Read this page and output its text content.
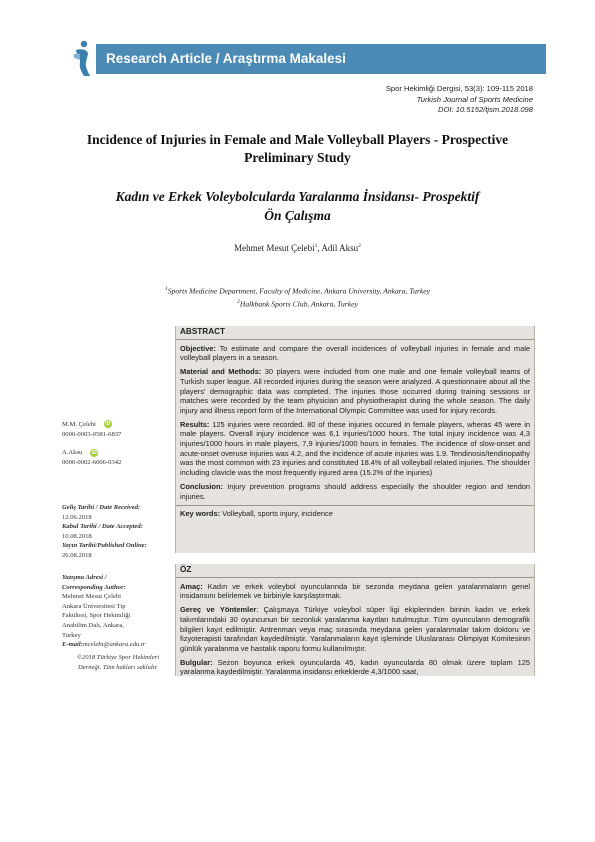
Research Article / Araştırma Makalesi
Spor Hekimliği Dergisi, 53(3): 109-115 2018
Turkish Journal of Sports Medicine
DOI: 10.5152/tjsm.2018.098
Incidence of Injuries in Female and Male Volleyball Players - Prospective
Preliminary Study
Kadın ve Erkek Voleybolcularda Yaralanma İnsidansı- Prospektif
Ön Çalışma
Mehmet Mesut Çelebi$^1$, Adil Aksu$^2$
$^1$Sports Medicine Department, Faculty of Medicine, Ankara University, Ankara, Turkey
$^2$Halkbank Sports Club, Ankara, Turkey
M.M. Çelebi iD
0000-0003-0581-6837
A.Aksu iD
0000-0002-6006-0342
Geliş Tarihi / Date Received:
12.06.2018
Kabul Tarihi / Date Accepted:
10.08.2018
Yayın Tarihi/Published Online:
26.08.2018
Yazışma Adresi /
Corresponding Author:
Mehmet Mesut Çelebi
Ankara Üniversitesi Tıp
Fakültesi, Spor Hekimliği
Anabilim Dalı, Ankara,
Turkey
E-mail:mcelebi@ankara.edu.tr
©2018 Türkiye Spor Hekimleri
Derneği. Tüm hakları saklıdır.
ABSTRACT

Objective: To estimate and compare the overall incidences of volleyball injuries in female and male volleyball players in a season.

Material and Methods: 30 players were included from one male and one female volleyball teams of Turkish super league. All recorded injuries during the season were analyzed. A questionnaire about all the players' demographic data was completed. The injuries those occurred during training sessions or matches were recorded by the team physician and physiotherapist during the whole season. The daily injury and illness report form of the International Olympic Committee was used for injury records.

Results: 125 injuries were recorded. 80 of these injuries occured in female players, wheras 45 were in male players. Overall injury incidence was 6,1 injuries/1000 hours. The total injury incidence was 4,3 injuries/1000 hours in male players, 7,9 injuries/1000 hours in females. The incidence of slow-onset and acute-onset overuse injuries was 4.2, and the incidence of acute injuries was 1.9. Tendinosis/tendinopathy was the most common with 23 injuries and constituted 18.4% of all volleyball related injuries. The shoulder including clavicle was the most frequently injured area (15.2% of the injuries)

Conclusion: Injury prevention programs should address especially the shoulder region and tendon injuries.

Key words: Volleyball, sports injury, incidence

ÖZ

Amaç: Kadın ve erkek voleybol oyuncularında bir sezonda meydana gelen yaralanmaların genel insidansını belirlemek ve birbiriyle karşılaştırmak.

Gereç ve Yöntemler: Çalışmaya Türkiye voleybol süper ligi ekiplerinden birinin kadın ve erkek takımlarındaki 30 oyuncunun bir sezonluk yaralanma kayıtları tutulmuştur. Tüm oyuncuların demografik bilgileri kayıt edilmiştir. Antrenman veya maç sırasında meydana gelen yaralanmalar takım doktoru ve fizyoterapisti tarafından kaydedilmiştir. Yaralanmaların kayıt işleminde Uluslararası Olimpiyat Komitesinin günlük yaralanma ve hastalık raporu formu kullanılmıştır.

Bulgular: Sezon boyunca erkek oyuncularda 45, kadın oyuncularda 80 olmak üzere toplam 125 yaralanma kaydedilmiştir. Yaralanma insidansı erkeklerde 4,3/1000 saat,
